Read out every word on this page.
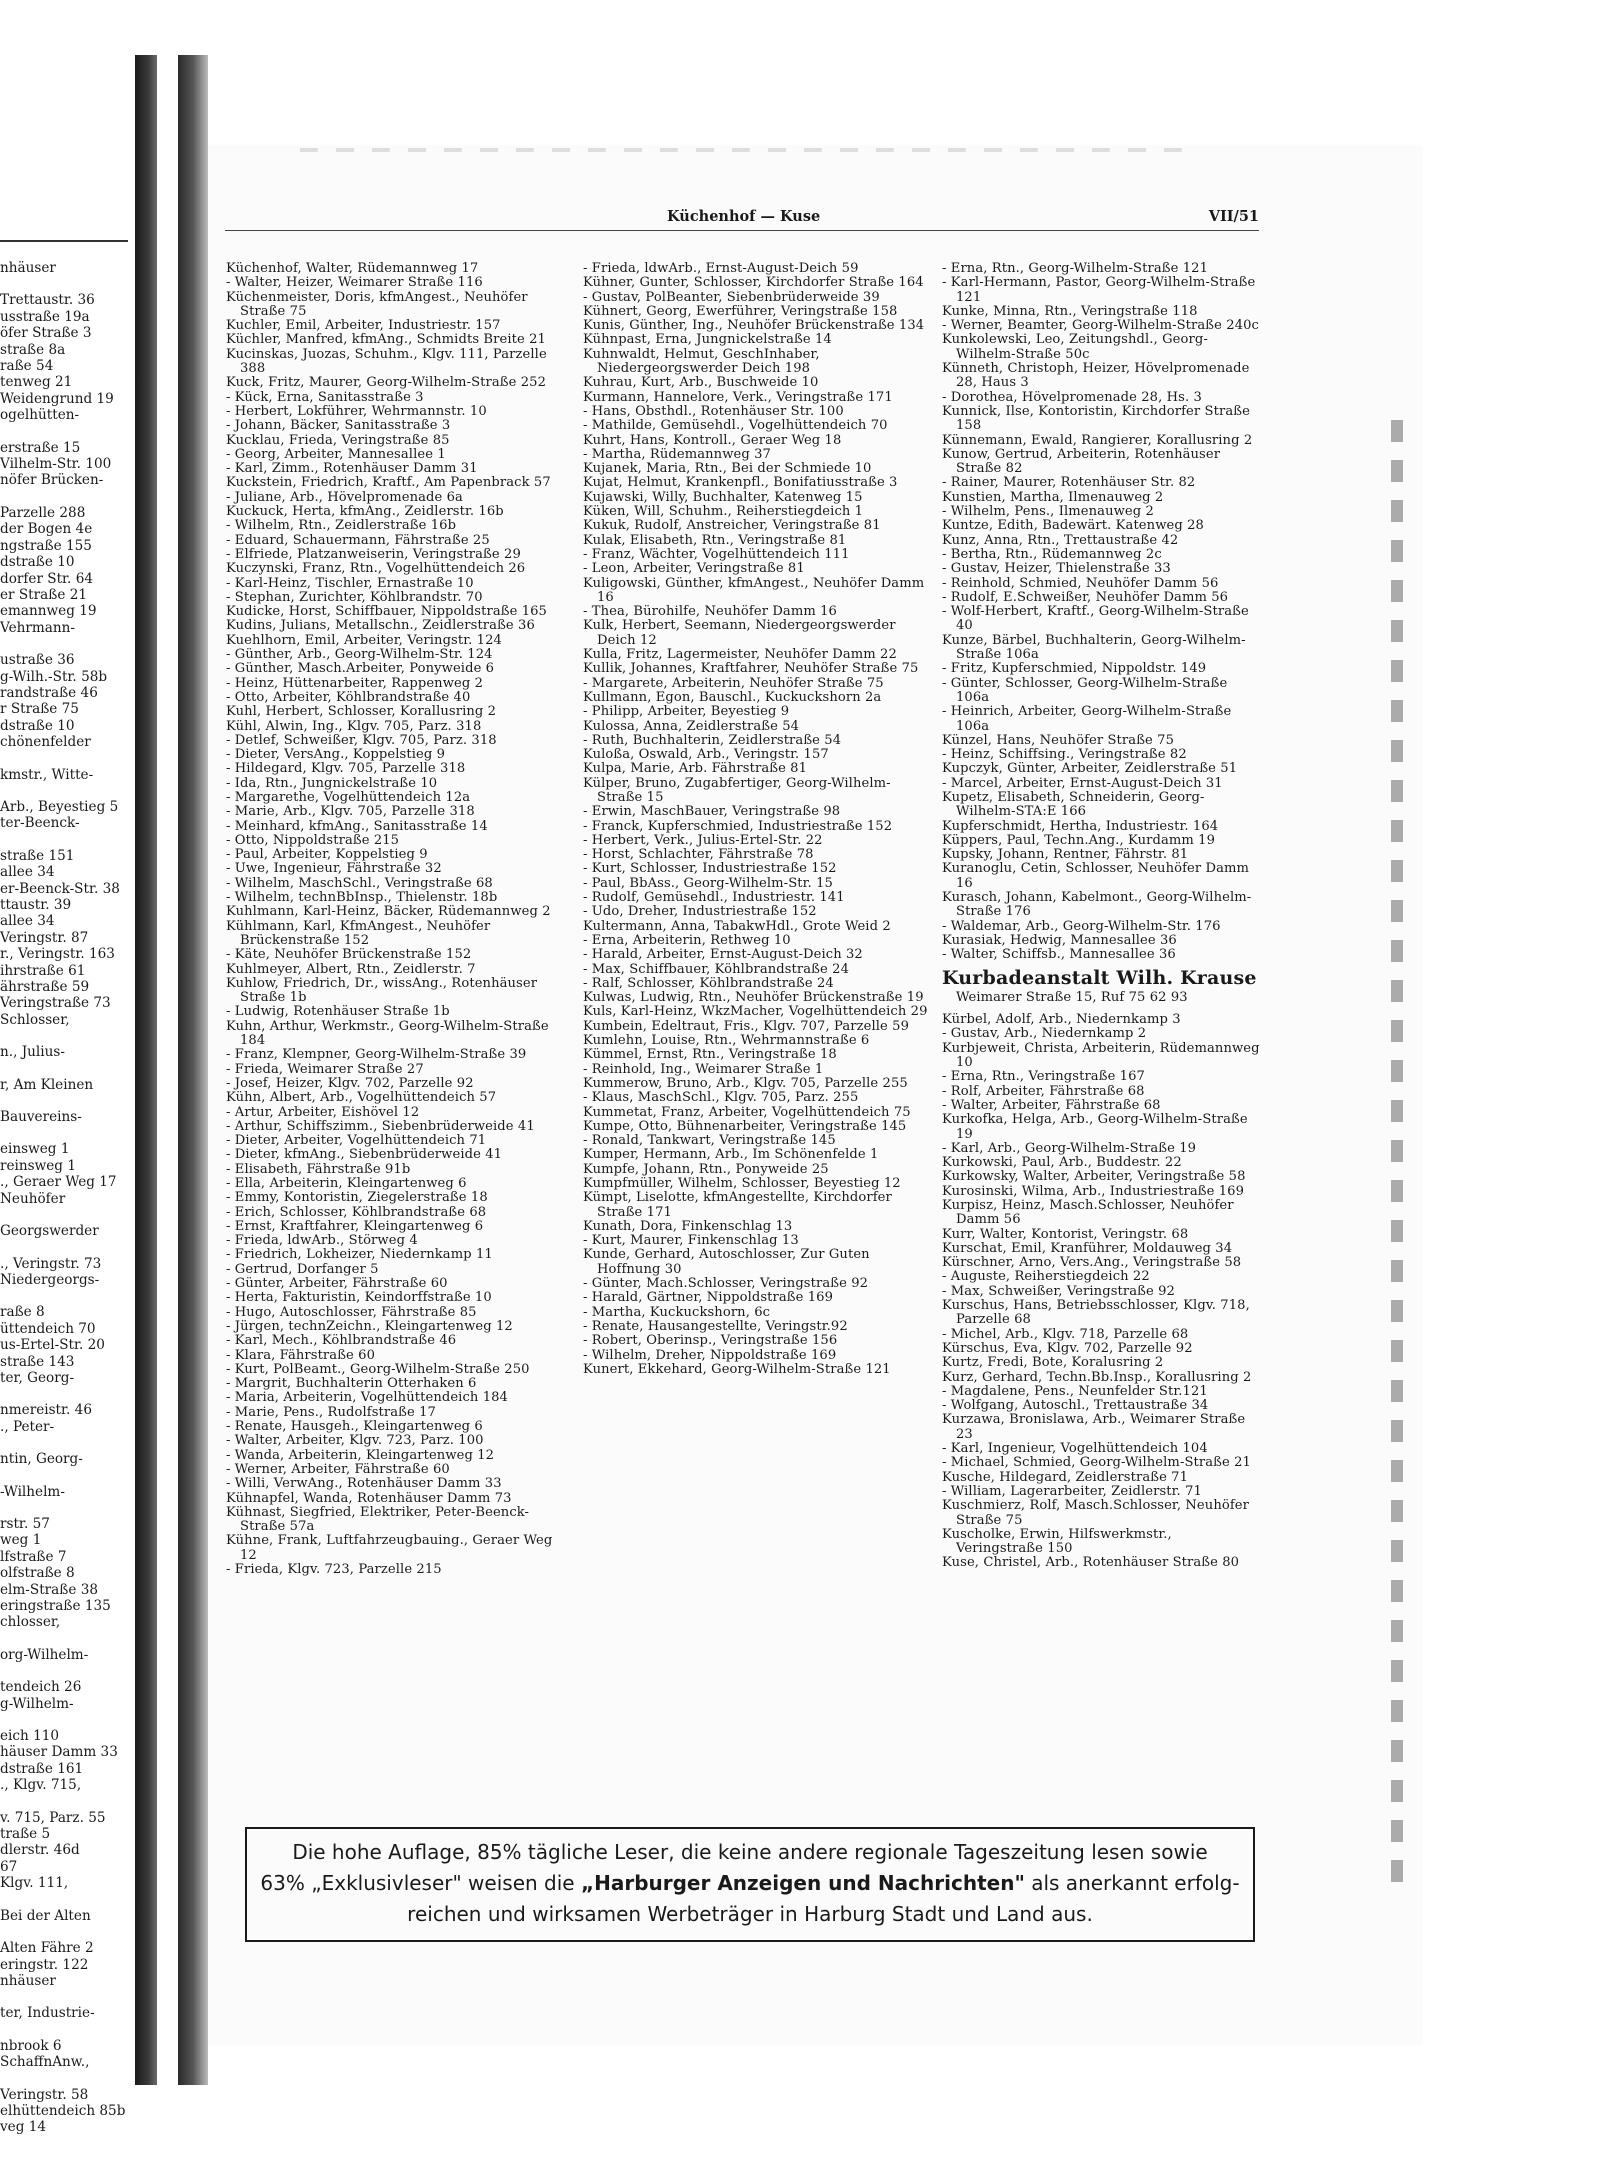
nhäuser
Trettaustr. 36
usstraße 19a
öfer Straße 3
straße 8a
raße 54
tenweg 21
Weidengrund 19
ogelhütten-
erstraße 15
Vilhelm-Str. 100
nöfer Brücken-
Parzelle 288
der Bogen 4e
ngstraße 155
dstraße 10
dorfer Str. 64
er Straße 21
emannweg 19
Vehrmann-
ustraße 36
g-Wilh.-Str. 58b
randstraße 46
r Straße 75
dstraße 10
chönenfelder
kmstr., Witte-
Arb., Beyestieg 5
ter-Beenck-
straße 151
allee 34
er-Beenck-Str. 38
ttaustr. 39
allee 34
Veringstr. 87
r., Veringstr. 163
ihrstraße 61
ährstraße 59
Veringstraße 73
Schlosser,
n., Julius-
r, Am Kleinen
Bauvereins-
einsweg 1
reinsweg 1
., Geraer Weg 17
Neuhöfer
Georgswerder
., Veringstr. 73
Niedergeorgs-
raße 8
üttendeich 70
us-Ertel-Str. 20
straße 143
ter, Georg-
nmereistr. 46
., Peter-
ntin, Georg-
-Wilhelm-
rstr. 57
weg 1
lfstraße 7
olfstraße 8
elm-Straße 38
eringstraße 135
chlosser,
org-Wilhelm-
tendeich 26
g-Wilhelm-
eich 110
häuser Damm 33
dstraße 161
., Klgv. 715,
v. 715, Parz. 55
traße 5
dlerstr. 46d
67
Klgv. 111,
Bei der Alten
Alten Fähre 2
eringstr. 122
nhäuser
ter, Industrie-
nbrook 6
SchaffnAnw.,
Veringstr. 58
elhüttendeich 85b
veg 14
Küchenhof — Kuse	VII/51
Küchenhof, Walter, Rüdemannweg 17
- Walter, Heizer, Weimarer Straße 116
Küchenmeister, Doris, kfmAngest., Neuhöfer Straße 75
Kuchler, Emil, Arbeiter, Industriestr. 157
Küchler, Manfred, kfmAng., Schmidts Breite 21
Kucinskas, Juozas, Schuhm., Klgv. 111, Parzelle 388
Kuck, Fritz, Maurer, Georg-Wilhelm-Straße 252
- Kück, Erna, Sanitasstraße 3
- Herbert, Lokführer, Wehrmannstr. 10
- Johann, Bäcker, Sanitasstraße 3
Kucklau, Frieda, Veringstraße 85
- Georg, Arbeiter, Mannesallee 1
- Karl, Zimm., Rotenhäuser Damm 31
Kuckstein, Friedrich, Kraftf., Am Papenbrack 57
- Juliane, Arb., Hövelpromenade 6a
Kuckuck, Herta, kfmAng., Zeidlerstr. 16b
- Wilhelm, Rtn., Zeidlerstraße 16b
- Eduard, Schauermann, Fährstraße 25
- Elfriede, Platzanweiserin, Veringstraße 29
Kuczynski, Franz, Rtn., Vogelhüttendeich 26
- Karl-Heinz, Tischler, Ernastraße 10
- Stephan, Zurichter, Köhlbrandstr. 70
Kudicke, Horst, Schiffbauer, Nippoldstraße 165
Kudins, Julians, Metallschn., Zeidlerstraße 36
Kuehlhorn, Emil, Arbeiter, Veringstr. 124
- Günther, Arb., Georg-Wilhelm-Str. 124
- Günther, Masch.Arbeiter, Ponyweide 6
- Heinz, Hüttenarbeiter, Rappenweg 2
- Otto, Arbeiter, Köhlbrandstraße 40
Kuhl, Herbert, Schlosser, Korallusring 2
Kühl, Alwin, Ing., Klgv. 705, Parz. 318
- Detlef, Schweißer, Klgv. 705, Parz. 318
- Dieter, VersAng., Koppelstieg 9
- Hildegard, Klgv. 705, Parzelle 318
- Ida, Rtn., Jungnickelstraße 10
- Margarethe, Vogelhüttendeich 12a
- Marie, Arb., Klgv. 705, Parzelle 318
- Meinhard, kfmAng., Sanitasstraße 14
- Otto, Nippoldstraße 215
- Paul, Arbeiter, Koppelstieg 9
- Uwe, Ingenieur, Fährstraße 32
- Wilhelm, MaschSchl., Veringstraße 68
- Wilhelm, technBbInsp., Thielenstr. 18b
Kuhlmann, Karl-Heinz, Bäcker, Rüdemannweg 2
Kühlmann, Karl, KfmAngest., Neuhöfer Brückenstraße 152
- Käte, Neuhöfer Brückenstraße 152
Kuhlmeyer, Albert, Rtn., Zeidlerstr. 7
Kuhlow, Friedrich, Dr., wissAng., Rotenhäuser Straße 1b
- Ludwig, Rotenhäuser Straße 1b
Kuhn, Arthur, Werkmstr., Georg-Wilhelm-Straße 184
- Franz, Klempner, Georg-Wilhelm-Straße 39
- Frieda, Weimarer Straße 27
- Josef, Heizer, Klgv. 702, Parzelle 92
Kühn, Albert, Arb., Vogelhüttendeich 57
- Artur, Arbeiter, Eishövel 12
- Arthur, Schiffszimm., Siebenbrüderweide 41
- Dieter, Arbeiter, Vogelhüttendeich 71
- Dieter, kfmAng., Siebenbrüderweide 41
- Elisabeth, Fährstraße 91b
- Ella, Arbeiterin, Kleingartenweg 6
- Emmy, Kontoristin, Ziegelerstraße 18
- Erich, Schlosser, Köhlbrandstraße 68
- Ernst, Kraftfahrer, Kleingartenweg 6
- Frieda, ldwArb., Störweg 4
- Friedrich, Lokheizer, Niedernkamp 11
- Gertrud, Dorfanger 5
- Günter, Arbeiter, Fährstraße 60
- Herta, Fakturistin, Keindorffstraße 10
- Hugo, Autoschlosser, Fährstraße 85
- Jürgen, technZeichn., Kleingartenweg 12
- Karl, Mech., Köhlbrandstraße 46
- Klara, Fährstraße 60
- Kurt, PolBeamt., Georg-Wilhelm-Straße 250
- Margrit, Buchhalterin Otterhaken 6
- Maria, Arbeiterin, Vogelhüttendeich 184
- Marie, Pens., Rudolfstraße 17
- Renate, Hausgeh., Kleingartenweg 6
- Walter, Arbeiter, Klgv. 723, Parz. 100
- Wanda, Arbeiterin, Kleingartenweg 12
- Werner, Arbeiter, Fährstraße 60
- Willi, VerwAng., Rotenhäuser Damm 33
Kühnapfel, Wanda, Rotenhäuser Damm 73
Kühnast, Siegfried, Elektriker, Peter-Beenck-Straße 57a
Kühne, Frank, Luftfahrzeugbauing., Geraer Weg 12
- Frieda, Klgv. 723, Parzelle 215
- Frieda, ldwArb., Ernst-August-Deich 59
Kühner, Gunter, Schlosser, Kirchdorfer Straße 164
- Gustav, PolBeanter, Siebenbrüderweide 39
Kühnert, Georg, Ewerführer, Veringstraße 158
Kunis, Günther, Ing., Neuhöfer Brückenstraße 134
Kühnpast, Erna, Jungnickelstraße 14
Kuhnwaldt, Helmut, GeschInhaber, Niedergeorgswerder Deich 198
Kuhrau, Kurt, Arb., Buschweide 10
Kurmann, Hannelore, Verk., Veringstraße 171
- Hans, Obsthdl., Rotenhäuser Str. 100
- Mathilde, Gemüsehdl., Vogelhüttendeich 70
Kuhrt, Hans, Kontroll., Geraer Weg 18
- Martha, Rüdemannweg 37
Kujanek, Maria, Rtn., Bei der Schmiede 10
Kujat, Helmut, Krankenpfl., Bonifatiusstraße 3
Kujawski, Willy, Buchhalter, Katenweg 15
Küken, Will, Schuhm., Reiherstiegdeich 1
Kukuk, Rudolf, Anstreicher, Veringstraße 81
Kulak, Elisabeth, Rtn., Veringstraße 81
- Franz, Wächter, Vogelhüttendeich 111
- Leon, Arbeiter, Veringstraße 81
Kuligowski, Günther, kfmAngest., Neuhöfer Damm 16
- Thea, Bürohilfe, Neuhöfer Damm 16
Kulk, Herbert, Seemann, Niedergeorgswerder Deich 12
Kulla, Fritz, Lagermeister, Neuhöfer Damm 22
Kullik, Johannes, Kraftfahrer, Neuhöfer Straße 75
- Margarete, Arbeiterin, Neuhöfer Straße 75
Kullmann, Egon, Bauschl., Kuckuckshorn 2a
- Philipp, Arbeiter, Beyestieg 9
Kulossa, Anna, Zeidlerstraße 54
- Ruth, Buchhalterin, Zeidlerstraße 54
Kuloßa, Oswald, Arb., Veringstr. 157
Kulpa, Marie, Arb. Fährstraße 81
Külper, Bruno, Zugabfertiger, Georg-Wilhelm-Straße 15
- Erwin, MaschBauer, Veringstraße 98
- Franck, Kupferschmied, Industriestraße 152
- Herbert, Verk., Julius-Ertel-Str. 22
- Horst, Schlachter, Fährstraße 78
- Kurt, Schlosser, Industriestraße 152
- Paul, BbAss., Georg-Wilhelm-Str. 15
- Rudolf, Gemüsehdl., Industriestr. 141
- Udo, Dreher, Industriestraße 152
Kultermann, Anna, TabakwHdl., Grote Weid 2
- Erna, Arbeiterin, Rethweg 10
- Harald, Arbeiter, Ernst-August-Deich 32
- Max, Schiffbauer, Köhlbrandstraße 24
- Ralf, Schlosser, Köhlbrandstraße 24
Kulwas, Ludwig, Rtn., Neuhöfer Brückenstraße 19
Kuls, Karl-Heinz, WkzMacher, Vogelhüttendeich 29
Kumbein, Edeltraut, Fris., Klgv. 707, Parzelle 59
Kumlehn, Louise, Rtn., Wehrmannstraße 6
Kümmel, Ernst, Rtn., Veringstraße 18
- Reinhold, Ing., Weimarer Straße 1
Kummerow, Bruno, Arb., Klgv. 705, Parzelle 255
- Klaus, MaschSchl., Klgv. 705, Parz. 255
Kummetat, Franz, Arbeiter, Vogelhüttendeich 75
Kumpe, Otto, Bühnenarbeiter, Veringstraße 145
- Ronald, Tankwart, Veringstraße 145
Kumper, Hermann, Arb., Im Schönenfelde 1
Kumpfe, Johann, Rtn., Ponyweide 25
Kumpfmüller, Wilhelm, Schlosser, Beyestieg 12
Kümpt, Liselotte, kfmAngestellte, Kirchdorfer Straße 171
Kunath, Dora, Finkenschlag 13
- Kurt, Maurer, Finkenschlag 13
Kunde, Gerhard, Autoschlosser, Zur Guten Hoffnung 30
- Günter, Mach.Schlosser, Veringstraße 92
- Harald, Gärtner, Nippoldstraße 169
- Martha, Kuckuckshorn, 6c
- Renate, Hausangestellte, Veringstr.92
- Robert, Oberinsp., Veringstraße 156
- Wilhelm, Dreher, Nippoldstraße 169
Kunert, Ekkehard, Georg-Wilhelm-Straße 121
- Erna, Rtn., Georg-Wilhelm-Straße 121
- Karl-Hermann, Pastor, Georg-Wilhelm-Straße 121
Kunke, Minna, Rtn., Veringstraße 118
- Werner, Beamter, Georg-Wilhelm-Straße 240c
Kunkolewski, Leo, Zeitungshdl., Georg-Wilhelm-Straße 50c
Künneth, Christoph, Heizer, Hövelpromenade 28, Haus 3
- Dorothea, Hövelpromenade 28, Hs. 3
Kunnick, Ilse, Kontoristin, Kirchdorfer Straße 158
Künnemann, Ewald, Rangierer, Korallusring 2
Kunow, Gertrud, Arbeiterin, Rotenhäuser Straße 82
- Rainer, Maurer, Rotenhäuser Str. 82
Kunstien, Martha, Ilmenauweg 2
- Wilhelm, Pens., Ilmenauweg 2
Kuntze, Edith, Badewärt. Katenweg 28
Kunz, Anna, Rtn., Trettaustraße 42
- Bertha, Rtn., Rüdemannweg 2c
- Gustav, Heizer, Thielenstraße 33
- Reinhold, Schmied, Neuhöfer Damm 56
- Rudolf, E.Schweißer, Neuhöfer Damm 56
- Wolf-Herbert, Kraftf., Georg-Wilhelm-Straße 40
Kunze, Bärbel, Buchhalterin, Georg-Wilhelm-Straße 106a
- Fritz, Kupferschmied, Nippoldstr. 149
- Günter, Schlosser, Georg-Wilhelm-Straße 106a
- Heinrich, Arbeiter, Georg-Wilhelm-Straße 106a
Künzel, Hans, Neuhöfer Straße 75
- Heinz, Schiffsing., Veringstraße 82
Kupczyk, Günter, Arbeiter, Zeidlerstraße 51
- Marcel, Arbeiter, Ernst-August-Deich 31
Kupetz, Elisabeth, Schneiderin, Georg-Wilhelm-STA:E 166
Kupferschmidt, Hertha, Industriestr. 164
Küppers, Paul, Techn.Ang., Kurdamm 19
Kupsky, Johann, Rentner, Fährstr. 81
Kuranoglu, Cetin, Schlosser, Neuhöfer Damm 16
Kurasch, Johann, Kabelmont., Georg-Wilhelm-Straße 176
- Waldemar, Arb., Georg-Wilhelm-Str. 176
Kurasiak, Hedwig, Mannesallee 36
- Walter, Schiffsb., Mannesallee 36
Kurbadeanstalt Wilh. Krause
Weimarer Straße 15, Ruf 75 62 93
Kürbel, Adolf, Arb., Niedernkamp 3
- Gustav, Arb., Niedernkamp 2
Kurbjeweit, Christa, Arbeiterin, Rüdemannweg 10
- Erna, Rtn., Veringstraße 167
- Rolf, Arbeiter, Fährstraße 68
- Walter, Arbeiter, Fährstraße 68
Kurkofka, Helga, Arb., Georg-Wilhelm-Straße 19
- Karl, Arb., Georg-Wilhelm-Straße 19
Kurkowski, Paul, Arb., Buddestr. 22
Kurkowsky, Walter, Arbeiter, Veringstraße 58
Kurosinski, Wilma, Arb., Industriestraße 169
Kurpisz, Heinz, Masch.Schlosser, Neuhöfer Damm 56
Kurr, Walter, Kontorist, Veringstr. 68
Kurschat, Emil, Kranführer, Moldauweg 34
Kürschner, Arno, Vers.Ang., Veringstraße 58
- Auguste, Reiherstiegdeich 22
- Max, Schweißer, Veringstraße 92
Kurschus, Hans, Betriebsschlosser, Klgv. 718, Parzelle 68
- Michel, Arb., Klgv. 718, Parzelle 68
Kürschus, Eva, Klgv. 702, Parzelle 92
Kurtz, Fredi, Bote, Koralusring 2
Kurz, Gerhard, Techn.Bb.Insp., Korallusring 2
- Magdalene, Pens., Neunfelder Str.121
- Wolfgang, Autoschl., Trettaustraße 34
Kurzawa, Bronislawa, Arb., Weimarer Straße 23
- Karl, Ingenieur, Vogelhüttendeich 104
- Michael, Schmied, Georg-Wilhelm-Straße 21
Kusche, Hildegard, Zeidlerstraße 71
- William, Lagerarbeiter, Zeidlerstr. 71
Kuschmierz, Rolf, Masch.Schlosser, Neuhöfer Straße 75
Kuscholke, Erwin, Hilfswerkmstr., Veringstraße 150
Kuse, Christel, Arb., Rotenhäuser Straße 80
Die hohe Auflage, 85% tägliche Leser, die keine andere regionale Tageszeitung lesen sowie
63% „Exklusivleser" weisen die „Harburger Anzeigen und Nachrichten" als anerkannt erfolg-
reichen und wirksamen Werbeträger in Harburg Stadt und Land aus.
